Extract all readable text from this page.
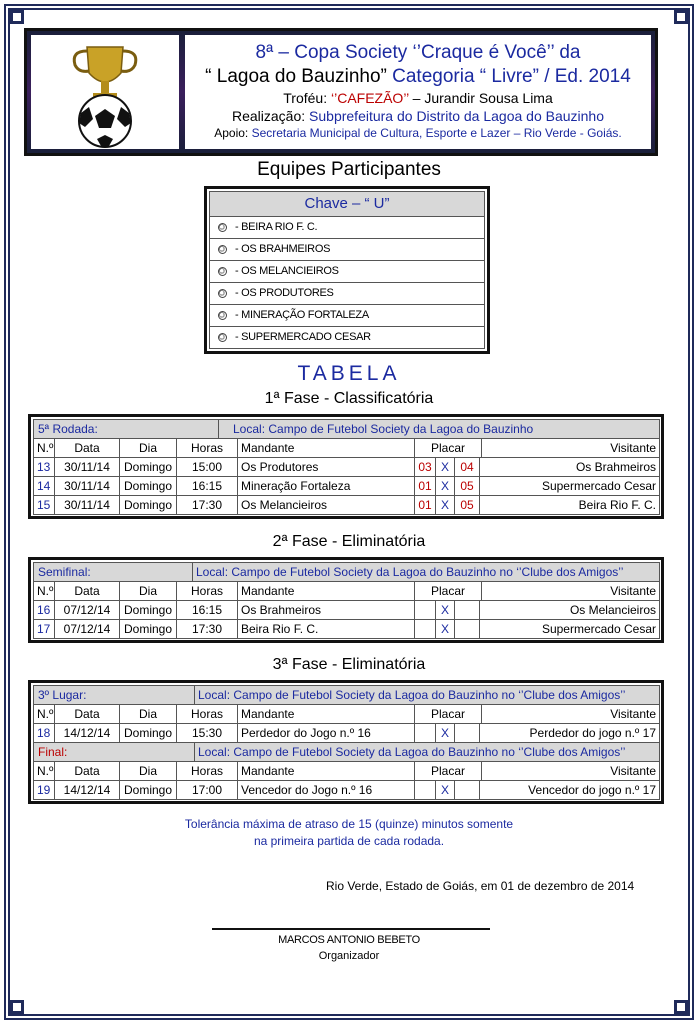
8ª – Copa Society ‘’Craque é Você’’ da
“ Lagoa do Bauzinho” Categoria “ Livre” / Ed. 2014
Troféu: ‘’CAFEZÃO’’ – Jurandir Sousa Lima
Realização: Subprefeitura do Distrito da Lagoa do Bauzinho
Apoio: Secretaria Municipal de Cultura, Esporte e Lazer – Rio Verde - Goiás.
Equipes Participantes
Chave – “ U”
- BEIRA RIO F. C.
- OS BRAHMEIROS
- OS MELANCIEIROS
- OS PRODUTORES
- MINERAÇÃO FORTALEZA
- SUPERMERCADO CESAR
TABELA
1ª Fase - Classificatória
5ª Rodada:	Local: Campo de Futebol Society da Lagoa do Bauzinho
N.º	Data	Dia	Horas	Mandante	Placar	Visitante
13	30/11/14	Domingo	15:00	Os Produtores	03 X 04	Os Brahmeiros
14	30/11/14	Domingo	16:15	Mineração Fortaleza	01 X 05	Supermercado Cesar
15	30/11/14	Domingo	17:30	Os Melancieiros	01 X 05	Beira Rio F. C.
2ª Fase - Eliminatória
Semifinal:	Local: Campo de Futebol Society da Lagoa do Bauzinho no ‘’Clube dos Amigos’’
N.º	Data	Dia	Horas	Mandante	Placar	Visitante
16	07/12/14	Domingo	16:15	Os Brahmeiros	X	Os Melancieiros
17	07/12/14	Domingo	17:30	Beira Rio F. C.	X	Supermercado Cesar
3ª Fase - Eliminatória
3º Lugar:	Local: Campo de Futebol Society da Lagoa do Bauzinho no ‘’Clube dos Amigos’’
N.º	Data	Dia	Horas	Mandante	Placar	Visitante
18	14/12/14	Domingo	15:30	Perdedor do Jogo n.º 16	X	Perdedor do jogo n.º 17
Final:	Local: Campo de Futebol Society da Lagoa do Bauzinho no ‘’Clube dos Amigos’’
N.º	Data	Dia	Horas	Mandante	Placar	Visitante
19	14/12/14	Domingo	17:00	Vencedor do Jogo n.º 16	X	Vencedor do jogo n.º 17
Tolerância máxima de atraso de 15 (quinze) minutos somente
na primeira partida de cada rodada.
Rio Verde, Estado de Goiás, em 01 de dezembro de 2014
MARCOS ANTONIO BEBETO
Organizador
